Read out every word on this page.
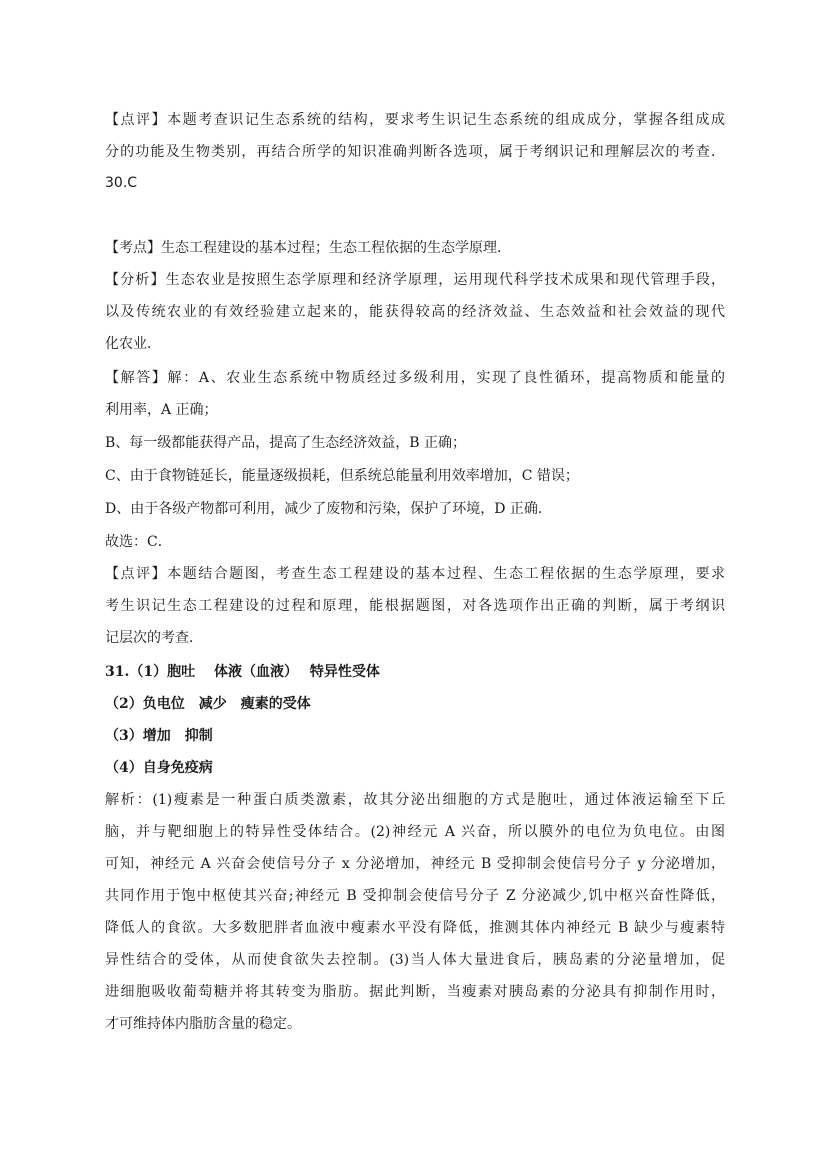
【点评】本题考查识记生态系统的结构，要求考生识记生态系统的组成成分，掌握各组成成
分的功能及生物类别，再结合所学的知识准确判断各选项，属于考纲识记和理解层次的考查．
30.C
【考点】生态工程建设的基本过程；生态工程依据的生态学原理．
【分析】生态农业是按照生态学原理和经济学原理，运用现代科学技术成果和现代管理手段，
以及传统农业的有效经验建立起来的，能获得较高的经济效益、生态效益和社会效益的现代
化农业．
【解答】解：A、农业生态系统中物质经过多级利用，实现了良性循环，提高物质和能量的
利用率，A 正确；
B、每一级都能获得产品，提高了生态经济效益，B 正确；
C、由于食物链延长，能量逐级损耗，但系统总能量利用效率增加，C 错误；
D、由于各级产物都可利用，减少了废物和污染，保护了环境，D 正确．
故选：C．
【点评】本题结合题图，考查生态工程建设的基本过程、生态工程依据的生态学原理，要求
考生识记生态工程建设的过程和原理，能根据题图，对各选项作出正确的判断，属于考纲识
记层次的考查．
31.（1）胞吐　 体液（血液）　 特异性受体
（2）负电位　减少　瘦素的受体
（3）增加　抑制
（4）自身免疫病
解析：(1)瘦素是一种蛋白质类激素，故其分泌出细胞的方式是胞吐，通过体液运输至下丘
脑，并与靶细胞上的特异性受体结合。(2)神经元 A 兴奋，所以膜外的电位为负电位。由图
可知，神经元 A 兴奋会使信号分子 x 分泌增加，神经元 B 受抑制会使信号分子 y 分泌增加，
共同作用于饱中枢使其兴奋;神经元 B 受抑制会使信号分子 Z 分泌减少,饥中枢兴奋性降低，
降低人的食欲。大多数肥胖者血液中瘦素水平没有降低，推测其体内神经元 B 缺少与瘦素特
异性结合的受体，从而使食欲失去控制。(3)当人体大量进食后，胰岛素的分泌量增加，促
进细胞吸收葡萄糖并将其转变为脂肪。据此判断，当瘦素对胰岛素的分泌具有抑制作用时，
才可维持体内脂肪含量的稳定。
